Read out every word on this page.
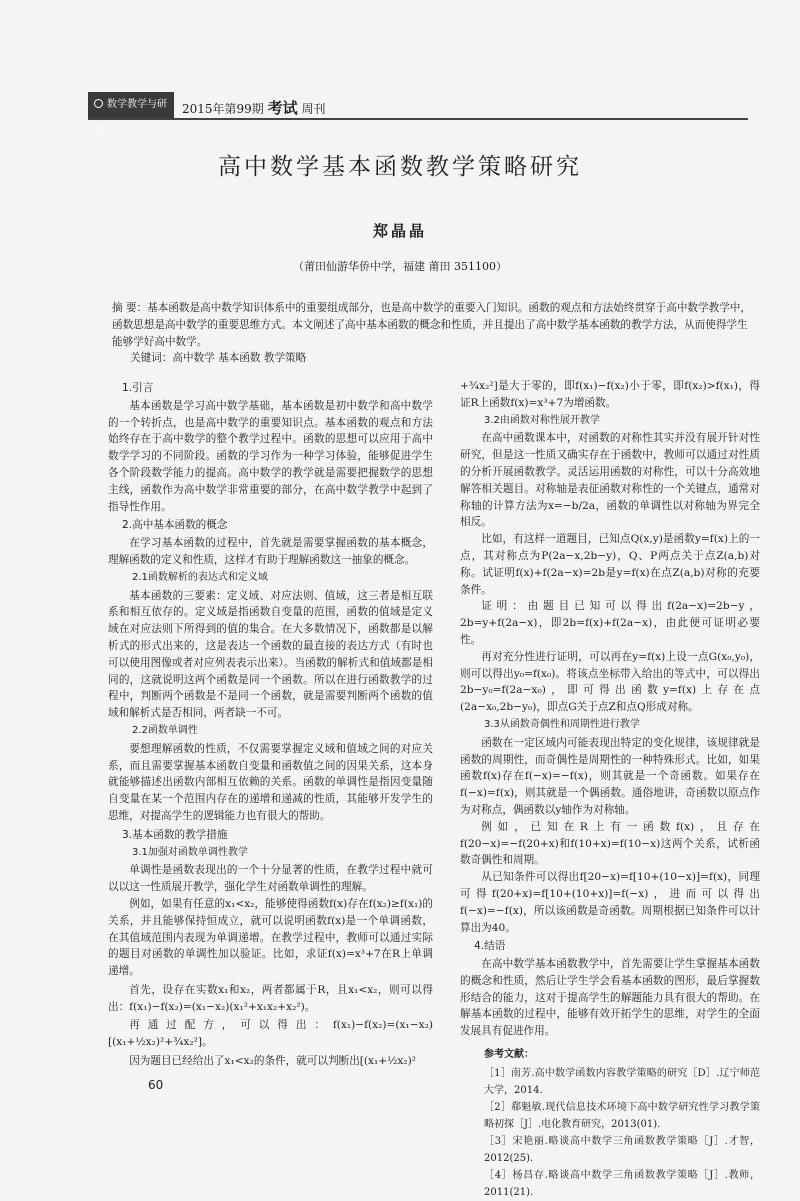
数学教学与研究
2015年第99期 考试 周刊
高中数学基本函数教学策略研究
郑晶晶
（莆田仙游华侨中学，福建 莆田 351100）
摘 要：基本函数是高中数学知识体系中的重要组成部分，也是高中数学的重要入门知识。函数的观点和方法始终贯穿于高中数学教学中，函数思想是高中数学的重要思维方式。本文阐述了高中基本函数的概念和性质，并且提出了高中数学基本函数的教学方法，从而使得学生能够学好高中数学。
关键词：高中数学 基本函数 教学策略
1.引言

基本函数是学习高中数学基础，基本函数是初中数学和高中数学的一个转折点，也是高中数学的重要知识点。基本函数的观点和方法始终存在于高中数学的整个教学过程中。函数的思想可以应用于高中数学学习的不同阶段。函数的学习作为一种学习体验，能够促进学生各个阶段数学能力的提高。高中数学的教学就是需要把握数学的思想主线，函数作为高中数学非常重要的部分，在高中数学教学中起到了指导性作用。

2.高中基本函数的概念

在学习基本函数的过程中，首先就是需要掌握函数的基本概念，理解函数的定义和性质，这样才有助于理解函数这一抽象的概念。

2.1函数解析的表达式和定义域

基本函数的三要素：定义域、对应法则、值域，这三者是相互联系和相互依存的。定义域是指函数自变量的范围，函数的值域是定义域在对应法则下所得到的值的集合。在大多数情况下，函数都是以解析式的形式出来的，这是表达一个函数的最直接的表达方式（有时也可以使用图像或者对应列表表示出来）。当函数的解析式和值域都是相同的，这就说明这两个函数是同一个函数。所以在进行函数教学的过程中，判断两个函数是不是同一个函数，就是需要判断两个函数的值域和解析式是否相同，两者缺一不可。

2.2函数单调性

要想理解函数的性质，不仅需要掌握定义域和值域之间的对应关系，而且需要掌握基本函数自变量和函数值之间的因果关系，这本身就能够描述出函数内部相互依赖的关系。函数的单调性是指因变量随自变量在某一个范围内存在的递增和递减的性质，其能够开发学生的思维，对提高学生的逻辑能力也有很大的帮助。

3.基本函数的教学措施
3.1加强对函数单调性教学

单调性是函数表现出的一个十分显著的性质，在教学过程中就可以以这一性质展开教学，强化学生对函数单调性的理解。

例如，如果有任意的x₁<x₂，能够使得函数f(x)存在f(x₂)≥f(x₁)的关系，并且能够保持恒成立，就可以说明函数f(x)是一个单调函数，在其值域范围内表现为单调递增。在教学过程中，教师可以通过实际的题目对函数的单调性加以验证。比如，求证f(x)=x³+7在R上单调递增。

首先，设存在实数x₁和x₂，两者都属于R，且x₁<x₂，则可以得出：f(x₁)−f(x₂)=(x₁−x₂)(x₁²+x₁x₂+x₂²)。

再通过配方，可以得出：f(x₁)−f(x₂)=(x₁−x₂)[(x₁+½x₂)²+¾x₂²]。

因为题目已经给出了x₁<x₂的条件，就可以判断出[(x₁+½x₂)²

+¾x₂²]是大于零的，即f(x₁)−f(x₂)小于零，即f(x₂)>f(x₁)，得证R上函数f(x)=x³+7为增函数。

3.2由函数对称性展开教学

在高中函数课本中，对函数的对称性其实并没有展开针对性研究，但是这一性质又确实存在于函数中，教师可以通过对性质的分析开展函数教学。灵活运用函数的对称性，可以十分高效地解答相关题目。对称轴是表征函数对称性的一个关键点，通常对称轴的计算方法为x=−b/2a，函数的单调性以对称轴为界完全相反。

比如，有这样一道题目，已知点Q(x,y)是函数y=f(x)上的一点，其对称点为P(2a−x,2b−y)，Q、P两点关于点Z(a,b)对称。试证明f(x)+f(2a−x)=2b是y=f(x)在点Z(a,b)对称的充要条件。

证明：由题目已知可以得出f(2a−x)=2b−y，2b=y+f(2a−x)，即2b=f(x)+f(2a−x)，由此便可证明必要性。

再对充分性进行证明，可以再在y=f(x)上设一点G(x₀,y₀)，则可以得出y₀=f(x₀)。将该点坐标带入给出的等式中，可以得出2b−y₀=f(2a−x₀)，即可得出函数y=f(x)上存在点(2a−x₀,2b−y₀)，即点G关于点Z和点Q形成对称。

3.3从函数奇偶性和周期性进行教学

函数在一定区域内可能表现出特定的变化规律，该规律就是函数的周期性，而奇偶性是周期性的一种特殊形式。比如，如果函数f(x)存在f(−x)=−f(x)，则其就是一个奇函数。如果存在f(−x)=f(x)，则其就是一个偶函数。通俗地讲，奇函数以原点作为对称点，偶函数以y轴作为对称轴。

例如，已知在R上有一函数f(x)，且存在f(20−x)=−f(20+x)和f(10+x)=f(10−x)这两个关系，试析函数奇偶性和周期。

从已知条件可以得出f[20−x)=f[10+(10−x)]=f(x)，同理可得f(20+x)=f[10+(10+x)]=f(−x)，进而可以得出f(−x)=−f(x)，所以该函数是奇函数。周期根据已知条件可以计算出为40。

4.结语

在高中数学基本函数教学中，首先需要让学生掌握基本函数的概念和性质，然后让学生学会看基本函数的图形，最后掌握数形结合的能力，这对于提高学生的解题能力具有很大的帮助。在解基本函数的过程中，能够有效开拓学生的思维，对学生的全面发展具有促进作用。

参考文献：

［1］南芳.高中数学函数内容教学策略的研究［D］.辽宁师范大学，2014.

［2］郗魁敏.现代信息技术环境下高中数学研究性学习教学策略初探［J］.电化教育研究，2013(01).

［3］宋艳丽.略谈高中数学三角函数教学策略［J］.才智，2012(25).

［4］杨昌存.略谈高中数学三角函数教学策略［J］.教师，2011(21).

60
